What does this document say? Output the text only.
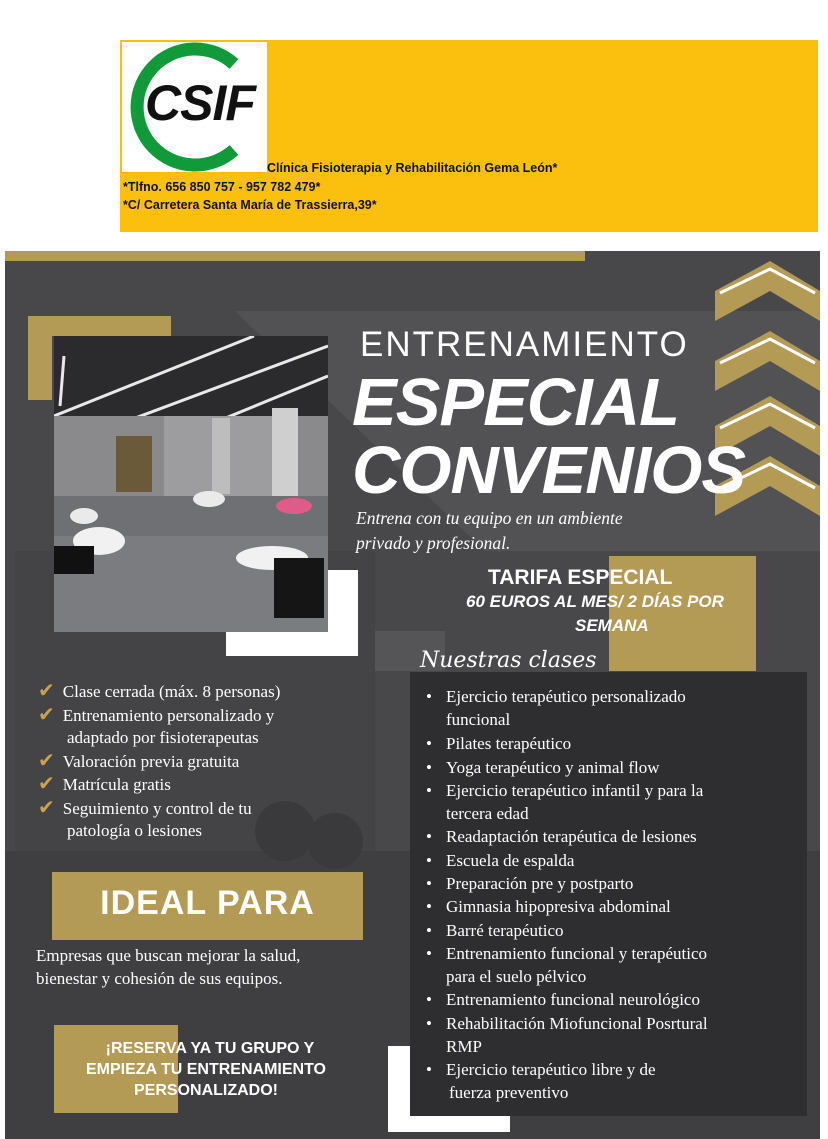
CSIF
Clínica Fisioterapia y Rehabilitación Gema León*
*Tlfno. 656 850 757 - 957 782 479*
*C/ Carretera Santa María de Trassierra,39*
ENTRENAMIENTO
ESPECIAL
CONVENIOS
Entrena con tu equipo en un ambiente
privado y profesional.
TARIFA ESPECIAL
60 EUROS AL MES/ 2 DÍAS POR
SEMANA
✔ Clase cerrada (máx. 8 personas)
✔ Entrenamiento personalizado y
adaptado por fisioterapeutas
✔ Valoración previa gratuita
✔ Matrícula gratis
✔ Seguimiento y control de tu
patología o lesiones
IDEAL PARA
Empresas que buscan mejorar la salud,
bienestar y cohesión de sus equipos.
¡RESERVA YA TU GRUPO Y
EMPIEZA TU ENTRENAMIENTO
PERSONALIZADO!
Nuestras clases
• Ejercicio terapéutico personalizado
funcional
• Pilates terapéutico
• Yoga terapéutico y animal flow
• Ejercicio terapéutico infantil y para la
tercera edad
• Readaptación terapéutica de lesiones
• Escuela de espalda
• Preparación pre y postparto
• Gimnasia hipopresiva abdominal
• Barré terapéutico
• Entrenamiento funcional y terapéutico
para el suelo pélvico
• Entrenamiento funcional neurológico
• Rehabilitación Miofuncional Posrtural
RMP
• Ejercicio terapéutico libre y de
fuerza preventivo
